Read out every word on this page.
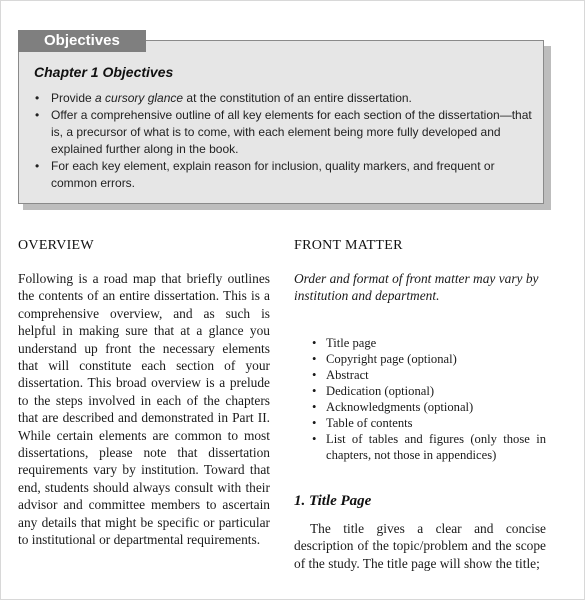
Objectives
Chapter 1 Objectives
• Provide a cursory glance at the constitution of an entire dissertation.
• Offer a comprehensive outline of all key elements for each section of the dissertation—that is, a precursor of what is to come, with each element being more fully developed and explained further along in the book.
• For each key element, explain reason for inclusion, quality markers, and frequent or common errors.
OVERVIEW

Following is a road map that briefly outlines the contents of an entire dissertation. This is a comprehensive overview, and as such is helpful in making sure that at a glance you understand up front the necessary elements that will constitute each section of your dissertation. This broad overview is a prelude to the steps involved in each of the chapters that are described and demonstrated in Part II. While certain elements are common to most dissertations, please note that dissertation requirements vary by institution. Toward that end, students should always consult with their advisor and committee members to ascertain any details that might be specific or particular to institutional or departmental requirements.

FRONT MATTER

Order and format of front matter may vary by institution and department.

• Title page
• Copyright page (optional)
• Abstract
• Dedication (optional)
• Acknowledgments (optional)
• Table of contents
• List of tables and figures (only those in chapters, not those in appendices)
1. Title Page

The title gives a clear and concise description of the topic/problem and the scope of the study. The title page will show the title;
